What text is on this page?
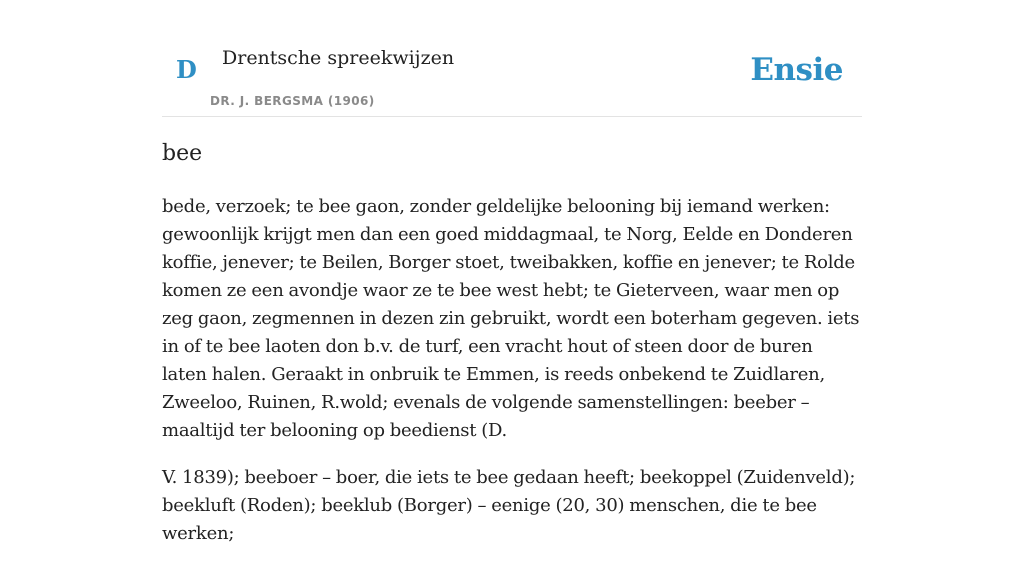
D Drentsche spreekwijzen
DR. J. BERGSMA (1906)
Ensie
bee

bede, verzoek; te bee gaon, zonder geldelijke belooning bij iemand werken: gewoonlijk krijgt men dan een goed middagmaal, te Norg, Eelde en Donderen koffie, jenever; te Beilen, Borger stoet, tweibakken, koffie en jenever; te Rolde komen ze een avondje waor ze te bee west hebt; te Gieterveen, waar men op zeg gaon, zegmennen in dezen zin gebruikt, wordt een boterham gegeven. iets in of te bee laoten don b.v. de turf, een vracht hout of steen door de buren laten halen. Geraakt in onbruik te Emmen, is reeds onbekend te Zuidlaren, Zweeloo, Ruinen, R.wold; evenals de volgende samenstellingen: beeber – maaltijd ter belooning op beedienst (D.

V. 1839); beeboer – boer, die iets te bee gedaan heeft; beekoppel (Zuidenveld); beekluft (Roden); beeklub (Borger) – eenige (20, 30) menschen, die te bee werken;
